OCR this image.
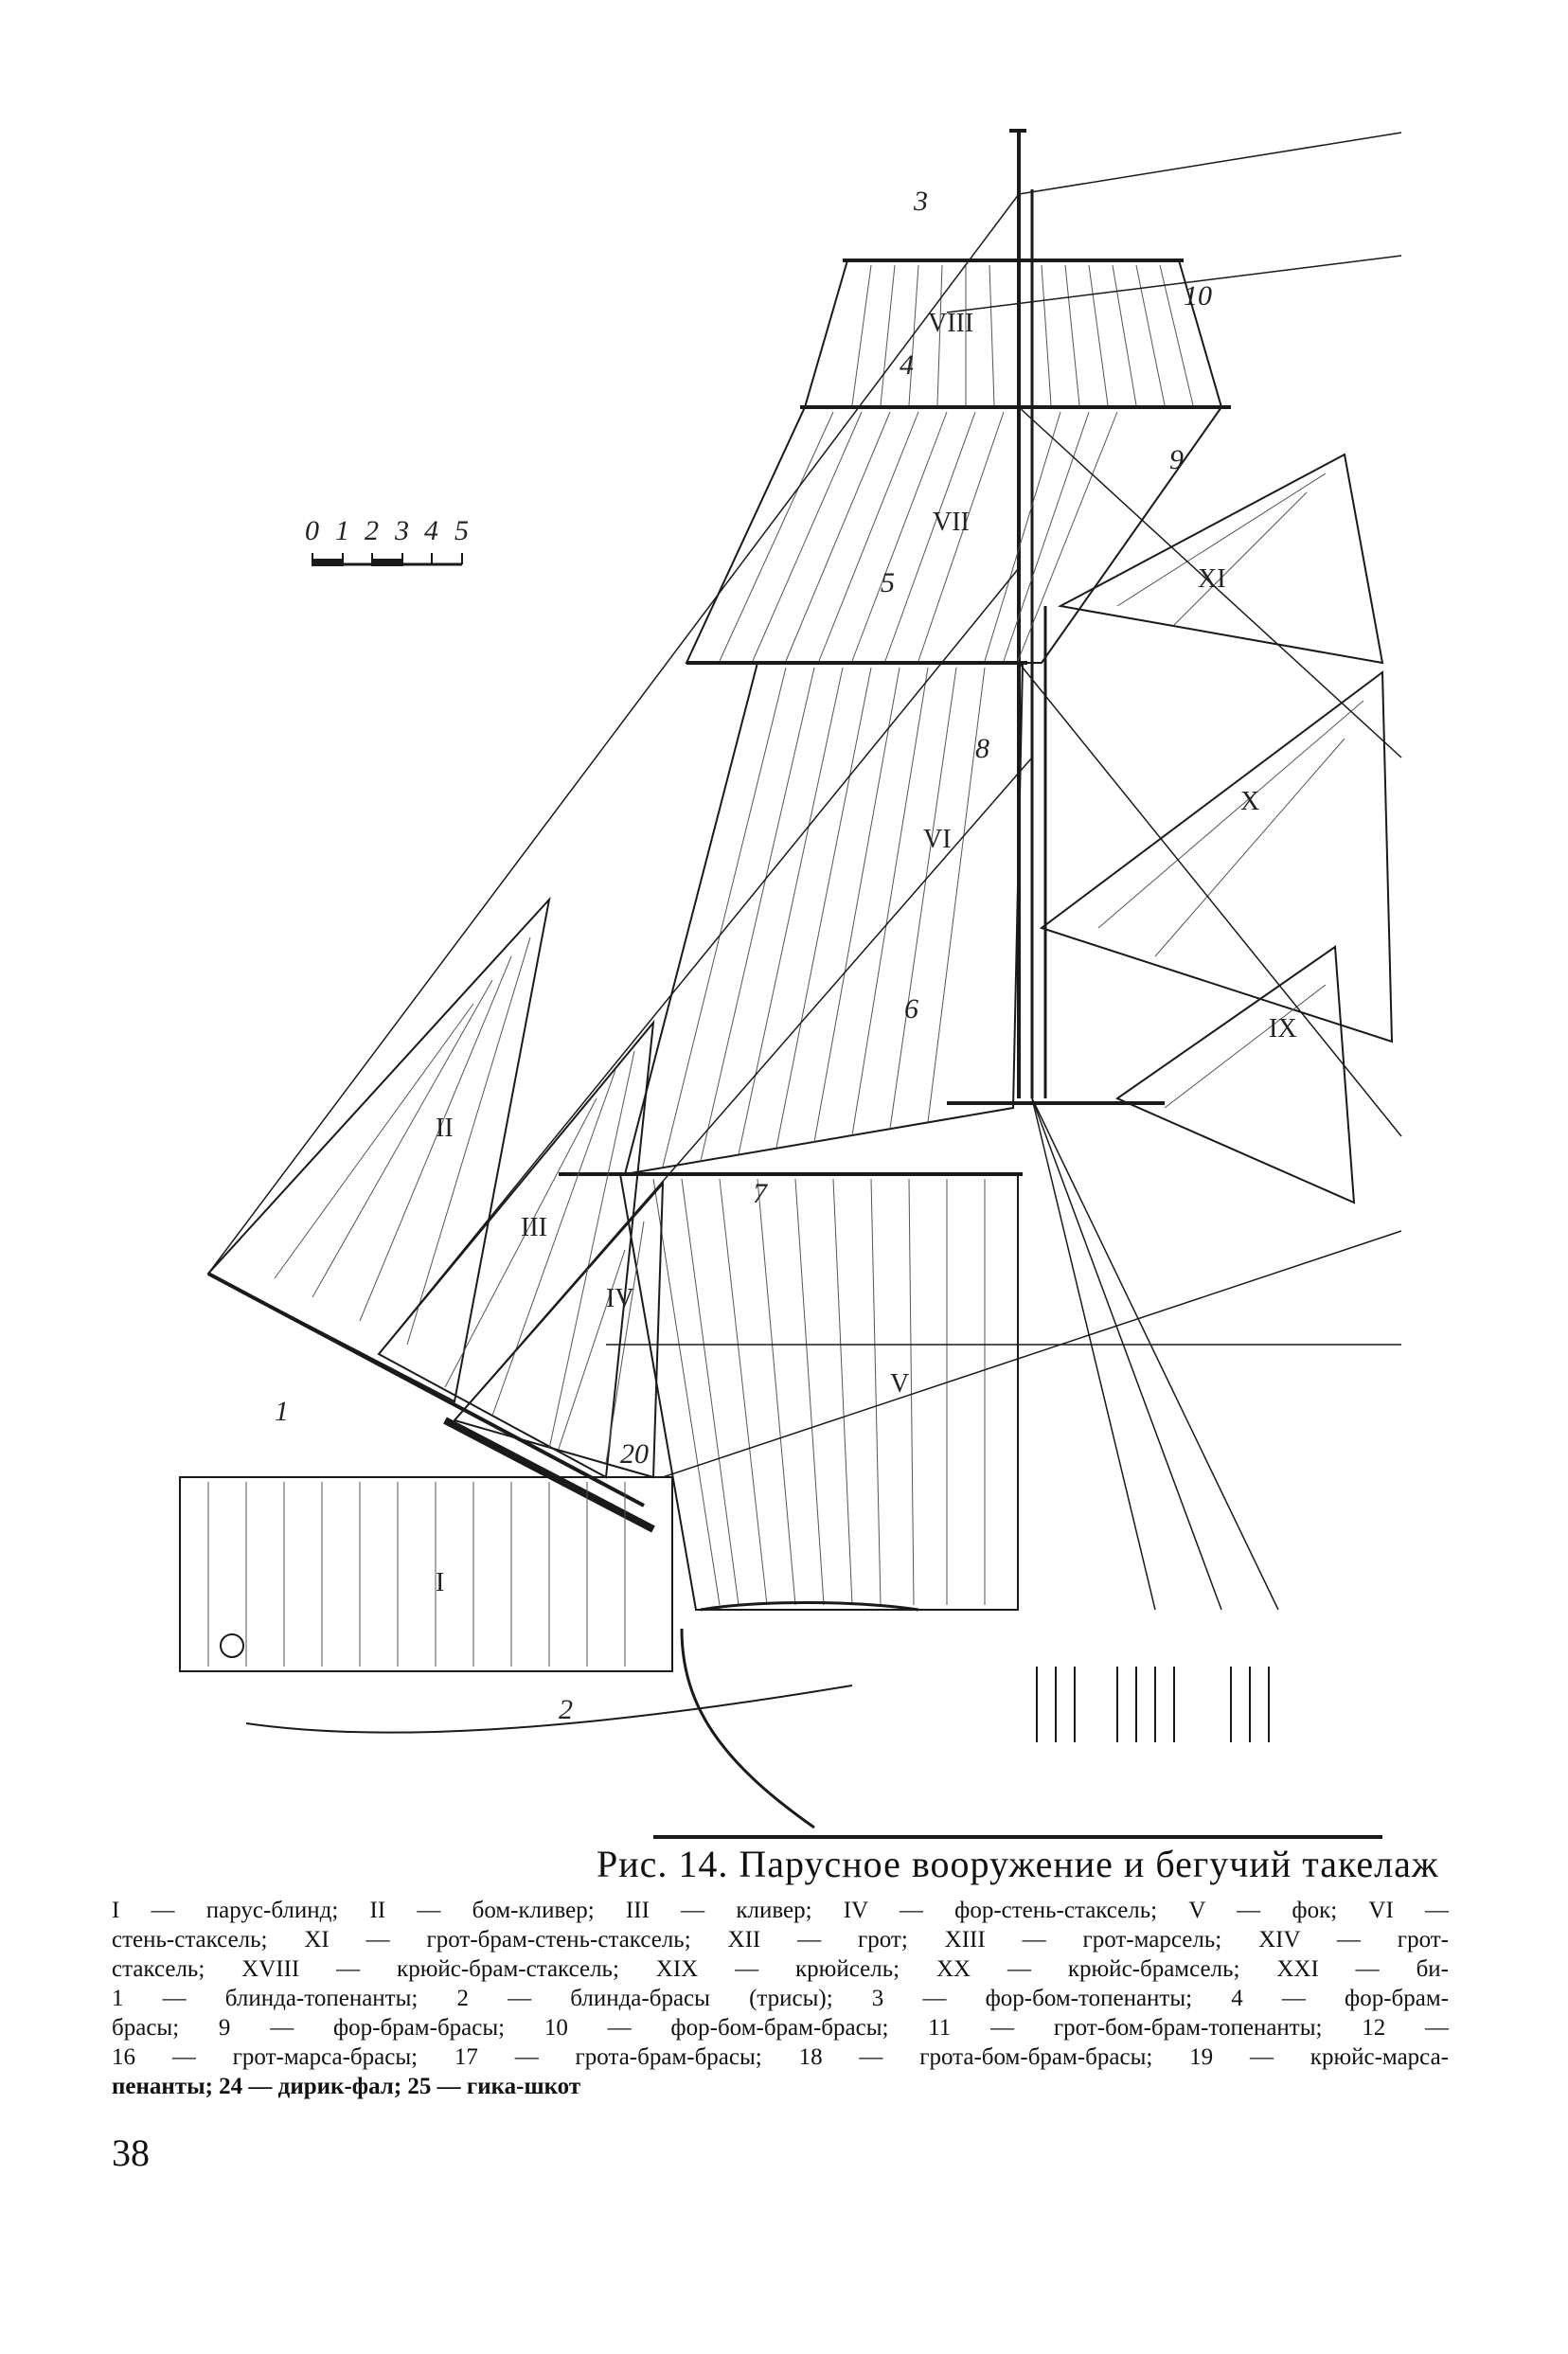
0 1 2 3 4 5
I
II
III
IV
V
VI
VII
VIII
IX
X
XI
1
2
3
4
5
6
7
8
9
10
20
Рис. 14. Парусное вооружение и бегучий такелаж

I — парус-блинд; II — бом-кливер; III — кливер; IV — фор-стень-стаксель; V — фок; VI —

стень-стаксель; XI — грот-брам-стень-стаксель; XII — грот; XIII — грот-марсель; XIV — грот-

стаксель; XVIII — крюйс-брам-стаксель; XIX — крюйсель; XX — крюйс-брамсель; XXI — би-

1 — блинда-топенанты; 2 — блинда-брасы (трисы); 3 — фор-бом-топенанты; 4 — фор-брам-

брасы; 9 — фор-брам-брасы; 10 — фор-бом-брам-брасы; 11 — грот-бом-брам-топенанты; 12 —

16 — грот-марса-брасы; 17 — грота-брам-брасы; 18 — грота-бом-брам-брасы; 19 — крюйс-марса-

пенанты; 24 — дирик-фал; 25 — гика-шкот

38
